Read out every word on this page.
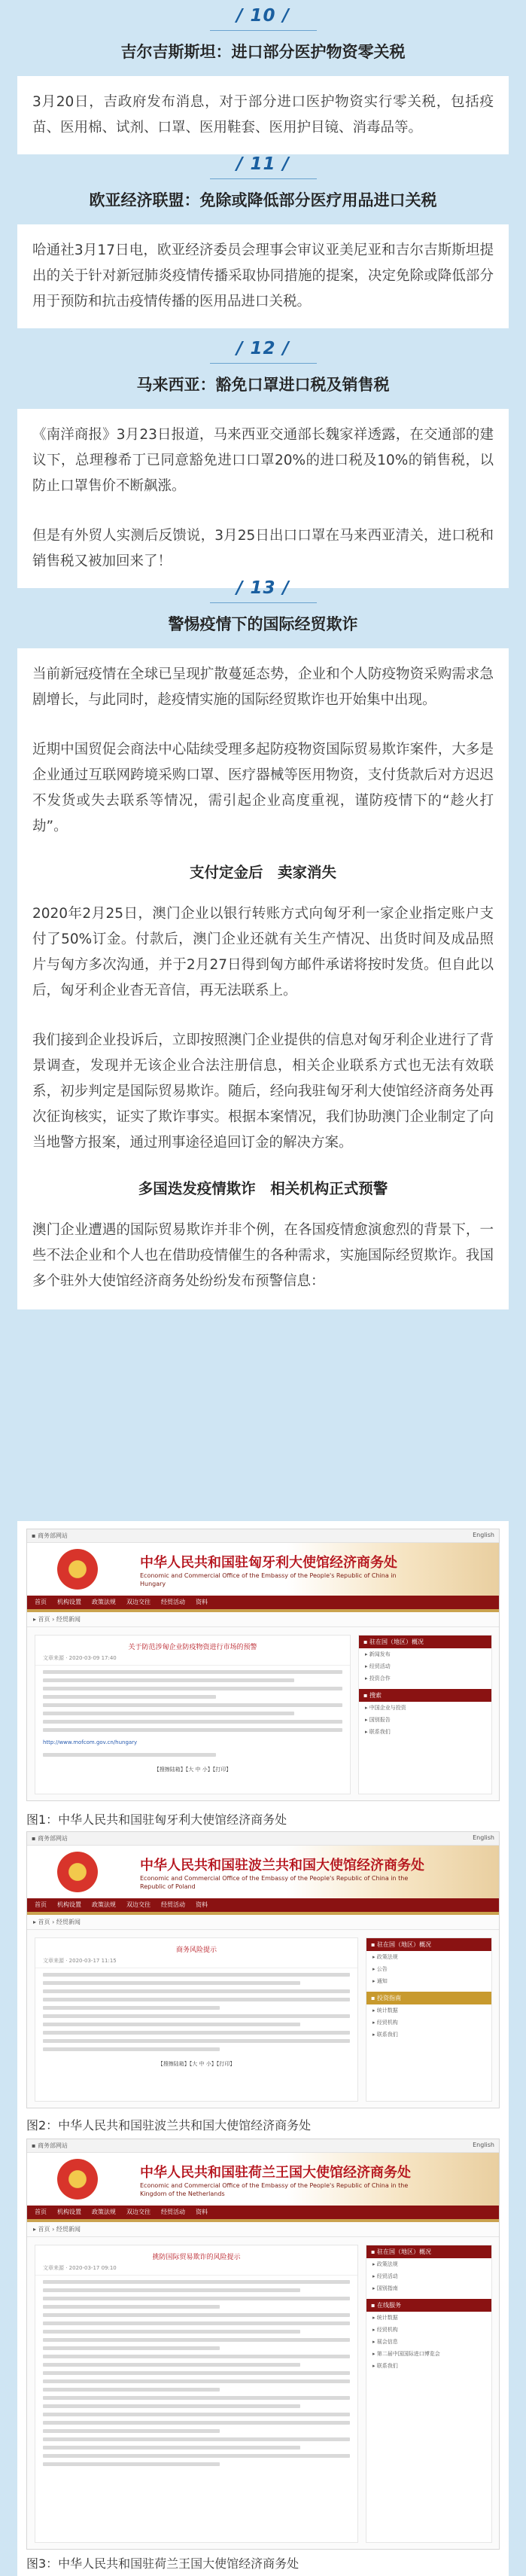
/ 10 /
吉尔吉斯斯坦：进口部分医护物资零关税

3月20日，吉政府发布消息，对于部分进口医护物资实行零关税，包括疫苗、医用棉、试剂、口罩、医用鞋套、医用护目镜、消毒品等。

/ 11 /
欧亚经济联盟：免除或降低部分医疗用品进口关税

哈通社3月17日电，欧亚经济委员会理事会审议亚美尼亚和吉尔吉斯斯坦提出的关于针对新冠肺炎疫情传播采取协同措施的提案，决定免除或降低部分用于预防和抗击疫情传播的医用品进口关税。

/ 12 /
马来西亚：豁免口罩进口税及销售税

《南洋商报》3月23日报道，马来西亚交通部长魏家祥透露，在交通部的建议下，总理穆希丁已同意豁免进口口罩20%的进口税及10%的销售税，以防止口罩售价不断飙涨。

但是有外贸人实测后反馈说，3月25日出口口罩在马来西亚清关，进口税和销售税又被加回来了！

/ 13 /
警惕疫情下的国际经贸欺诈

当前新冠疫情在全球已呈现扩散蔓延态势，企业和个人防疫物资采购需求急剧增长，与此同时，趁疫情实施的国际经贸欺诈也开始集中出现。

近期中国贸促会商法中心陆续受理多起防疫物资国际贸易欺诈案件，大多是企业通过互联网跨境采购口罩、医疗器械等医用物资，支付货款后对方迟迟不发货或失去联系等情况，需引起企业高度重视，谨防疫情下的“趁火打劫”。

支付定金后　卖家消失

2020年2月25日，澳门企业以银行转账方式向匈牙利一家企业指定账户支付了50%订金。付款后，澳门企业还就有关生产情况、出货时间及成品照片与匈方多次沟通，并于2月27日得到匈方邮件承诺将按时发货。但自此以后，匈牙利企业杳无音信，再无法联系上。

我们接到企业投诉后，立即按照澳门企业提供的信息对匈牙利企业进行了背景调查，发现并无该企业合法注册信息，相关企业联系方式也无法有效联系，初步判定是国际贸易欺诈。随后，经向我驻匈牙利大使馆经济商务处再次征询核实，证实了欺诈事实。根据本案情况，我们协助澳门企业制定了向当地警方报案，通过刑事途径追回订金的解决方案。

多国迭发疫情欺诈　相关机构正式预警

澳门企业遭遇的国际贸易欺诈并非个例，在各国疫情愈演愈烈的背景下，一些不法企业和个人也在借助疫情催生的各种需求，实施国际经贸欺诈。我国多个驻外大使馆经济商务处纷纷发布预警信息：

▪ 商务部网站	English
中华人民共和国驻匈牙利大使馆经济商务处
Economic and Commercial Office of the Embassy of the People's Republic of China in Hungary
首页 机构设置 政策法规 双边交往 经贸活动 资料
▸ 首页 › 经贸新闻
关于防范涉匈企业防疫物资进行市场的预警
文章来源 · 2020-03-09 17:40
http://www.mofcom.gov.cn/hungary
【搜擦陆箱】【大 中 小】【打印】
▪ 驻在国（地区）概况
▸ 新闻发布
▸ 经贸活动
▸ 投资合作
▪ 搜索
▸ 中国企业与投资
▸ 国别报告
▸ 联系我们
图1：中华人民共和国驻匈牙利大使馆经济商务处
▪ 商务部网站	English
中华人民共和国驻波兰共和国大使馆经济商务处
Economic and Commercial Office of the Embassy of the People's Republic of China in the Republic of Poland
首页 机构设置 政策法规 双边交往 经贸活动 资料
▸ 首页 › 经贸新闻
商务风险提示
文章来源 · 2020-03-17 11:15
【搜擦陆箱】【大 中 小】【打印】
▪ 驻在国（地区）概况
▸ 政策法规
▸ 公告
▸ 通知
▪ 投资指南
▸ 统计数据
▸ 经贸机构
▸ 联系我们
图2：中华人民共和国驻波兰共和国大使馆经济商务处
▪ 商务部网站	English
中华人民共和国驻荷兰王国大使馆经济商务处
Economic and Commercial Office of the Embassy of the People's Republic of China in the Kingdom of the Netherlands
首页 机构设置 政策法规 双边交往 经贸活动 资料
▸ 首页 › 经贸新闻
挑防国际贸易欺诈的风险提示
文章来源 · 2020-03-17 09:10
▪ 驻在国（地区）概况
▸ 政策法规
▸ 经贸活动
▸ 国别指南
▪ 在线服务
▸ 统计数据
▸ 经贸机构
▸ 展会信息
▸ 第二届中国国际进口博览会
▸ 联系我们
图3：中华人民共和国驻荷兰王国大使馆经济商务处
